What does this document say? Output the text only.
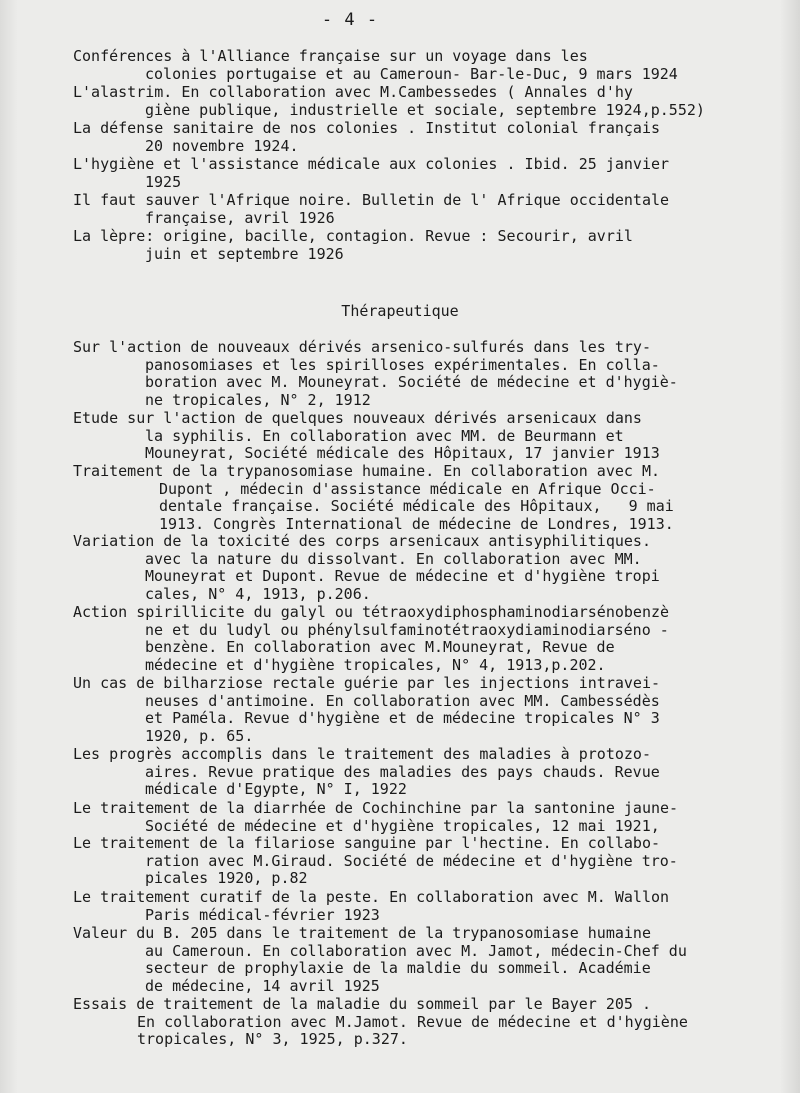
- 4 -
Thérapeutique
Conférences à l'Alliance française sur un voyage dans les
colonies portugaise et au Cameroun- Bar-le-Duc, 9 mars 1924
L'alastrim. En collaboration avec M.Cambessedes ( Annales d'hy
giène publique, industrielle et sociale, septembre 1924,p.552)
La défense sanitaire de nos colonies . Institut colonial français
20 novembre 1924.
L'hygiène et l'assistance médicale aux colonies . Ibid. 25 janvier
1925
Il faut sauver l'Afrique noire. Bulletin de l' Afrique occidentale
française, avril 1926
La lèpre: origine, bacille, contagion. Revue : Secourir, avril
juin et septembre 1926
Sur l'action de nouveaux dérivés arsenico-sulfurés dans les try-
panosomiases et les spirilloses expérimentales. En colla-
boration avec M. Mouneyrat. Société de médecine et d'hygiè-
ne tropicales, N° 2, 1912
Etude sur l'action de quelques nouveaux dérivés arsenicaux dans
la syphilis. En collaboration avec MM. de Beurmann et
Mouneyrat, Société médicale des Hôpitaux, 17 janvier 1913
Traitement de la trypanosomiase humaine. En collaboration avec M.
Dupont , médecin d'assistance médicale en Afrique Occi-
dentale française. Société médicale des Hôpitaux,   9 mai
1913. Congrès International de médecine de Londres, 1913.
Variation de la toxicité des corps arsenicaux antisyphilitiques.
avec la nature du dissolvant. En collaboration avec MM.
Mouneyrat et Dupont. Revue de médecine et d'hygiène tropi
cales, N° 4, 1913, p.206.
Action spirillicite du galyl ou tétraoxydiphosphaminodiarsénobenzè
ne et du ludyl ou phénylsulfaminotétraoxydiaminodiarséno -
benzène. En collaboration avec M.Mouneyrat, Revue de
médecine et d'hygiène tropicales, N° 4, 1913,p.202.
Un cas de bilharziose rectale guérie par les injections intravei-
neuses d'antimoine. En collaboration avec MM. Cambessédès
et Paméla. Revue d'hygiène et de médecine tropicales N° 3
1920, p. 65.
Les progrès accomplis dans le traitement des maladies à protozo-
aires. Revue pratique des maladies des pays chauds. Revue
médicale d'Egypte, N° I, 1922
Le traitement de la diarrhée de Cochinchine par la santonine jaune-
Société de médecine et d'hygiène tropicales, 12 mai 1921,
Le traitement de la filariose sanguine par l'hectine. En collabo-
ration avec M.Giraud. Société de médecine et d'hygiène tro-
picales 1920, p.82
Le traitement curatif de la peste. En collaboration avec M. Wallon
Paris médical-février 1923
Valeur du B. 205 dans le traitement de la trypanosomiase humaine
au Cameroun. En collaboration avec M. Jamot, médecin-Chef du
secteur de prophylaxie de la maldie du sommeil. Académie
de médecine, 14 avril 1925
Essais de traitement de la maladie du sommeil par le Bayer 205 .
En collaboration avec M.Jamot. Revue de médecine et d'hygiène
tropicales, N° 3, 1925, p.327.
